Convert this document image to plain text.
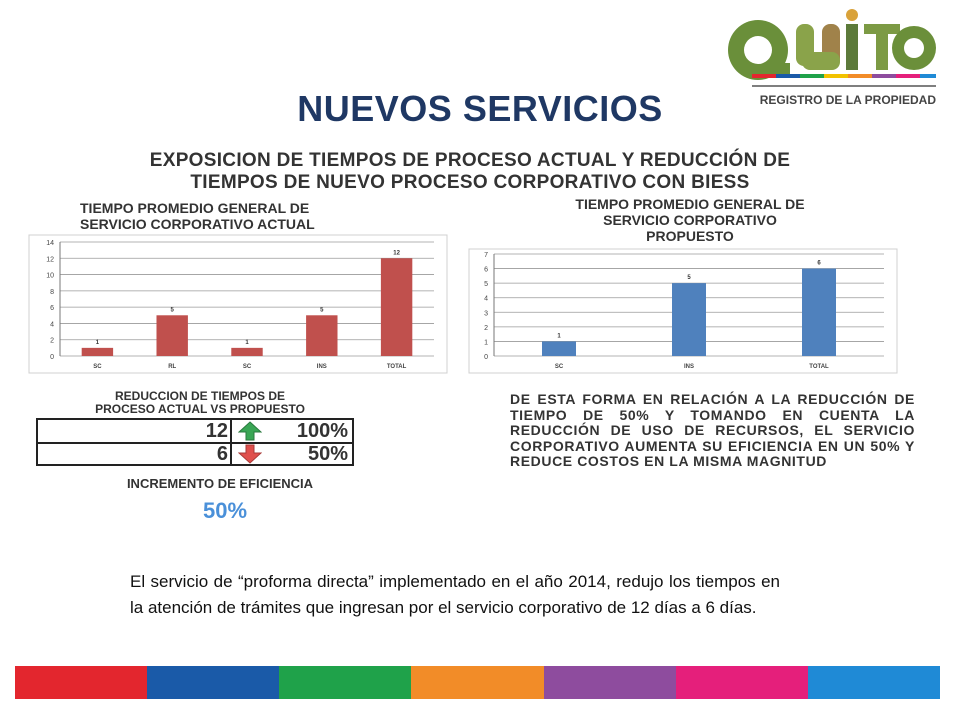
REGISTRO DE LA PROPIEDAD
NUEVOS SERVICIOS
EXPOSICION DE TIEMPOS DE PROCESO ACTUAL Y REDUCCIÓN DE
TIEMPOS DE NUEVO PROCESO CORPORATIVO CON BIESS
TIEMPO PROMEDIO GENERAL DE
SERVICIO CORPORATIVO ACTUAL
TIEMPO PROMEDIO GENERAL DE
SERVICIO CORPORATIVO
PROPUESTO
0
2
4
6
8
10
12
14
1
SC
5
RL
1
SC
5
INS
12
TOTAL
0
1
2
3
4
5
6
7
1
SC
5
INS
6
TOTAL
REDUCCION DE TIEMPOS DE
PROCESO ACTUAL VS PROPUESTO
12	100%
6	50%
INCREMENTO DE EFICIENCIA
50%
DE ESTA FORMA EN RELACIÓN A LA REDUCCIÓN DE TIEMPO DE 50% Y TOMANDO EN CUENTA LA REDUCCIÓN DE USO DE RECURSOS, EL SERVICIO CORPORATIVO AUMENTA SU EFICIENCIA EN UN 50% Y REDUCE COSTOS EN LA MISMA MAGNITUD
El servicio de “proforma directa” implementado en el año 2014, redujo los tiempos en la atención de trámites que ingresan por el servicio corporativo de 12 días a 6 días.
